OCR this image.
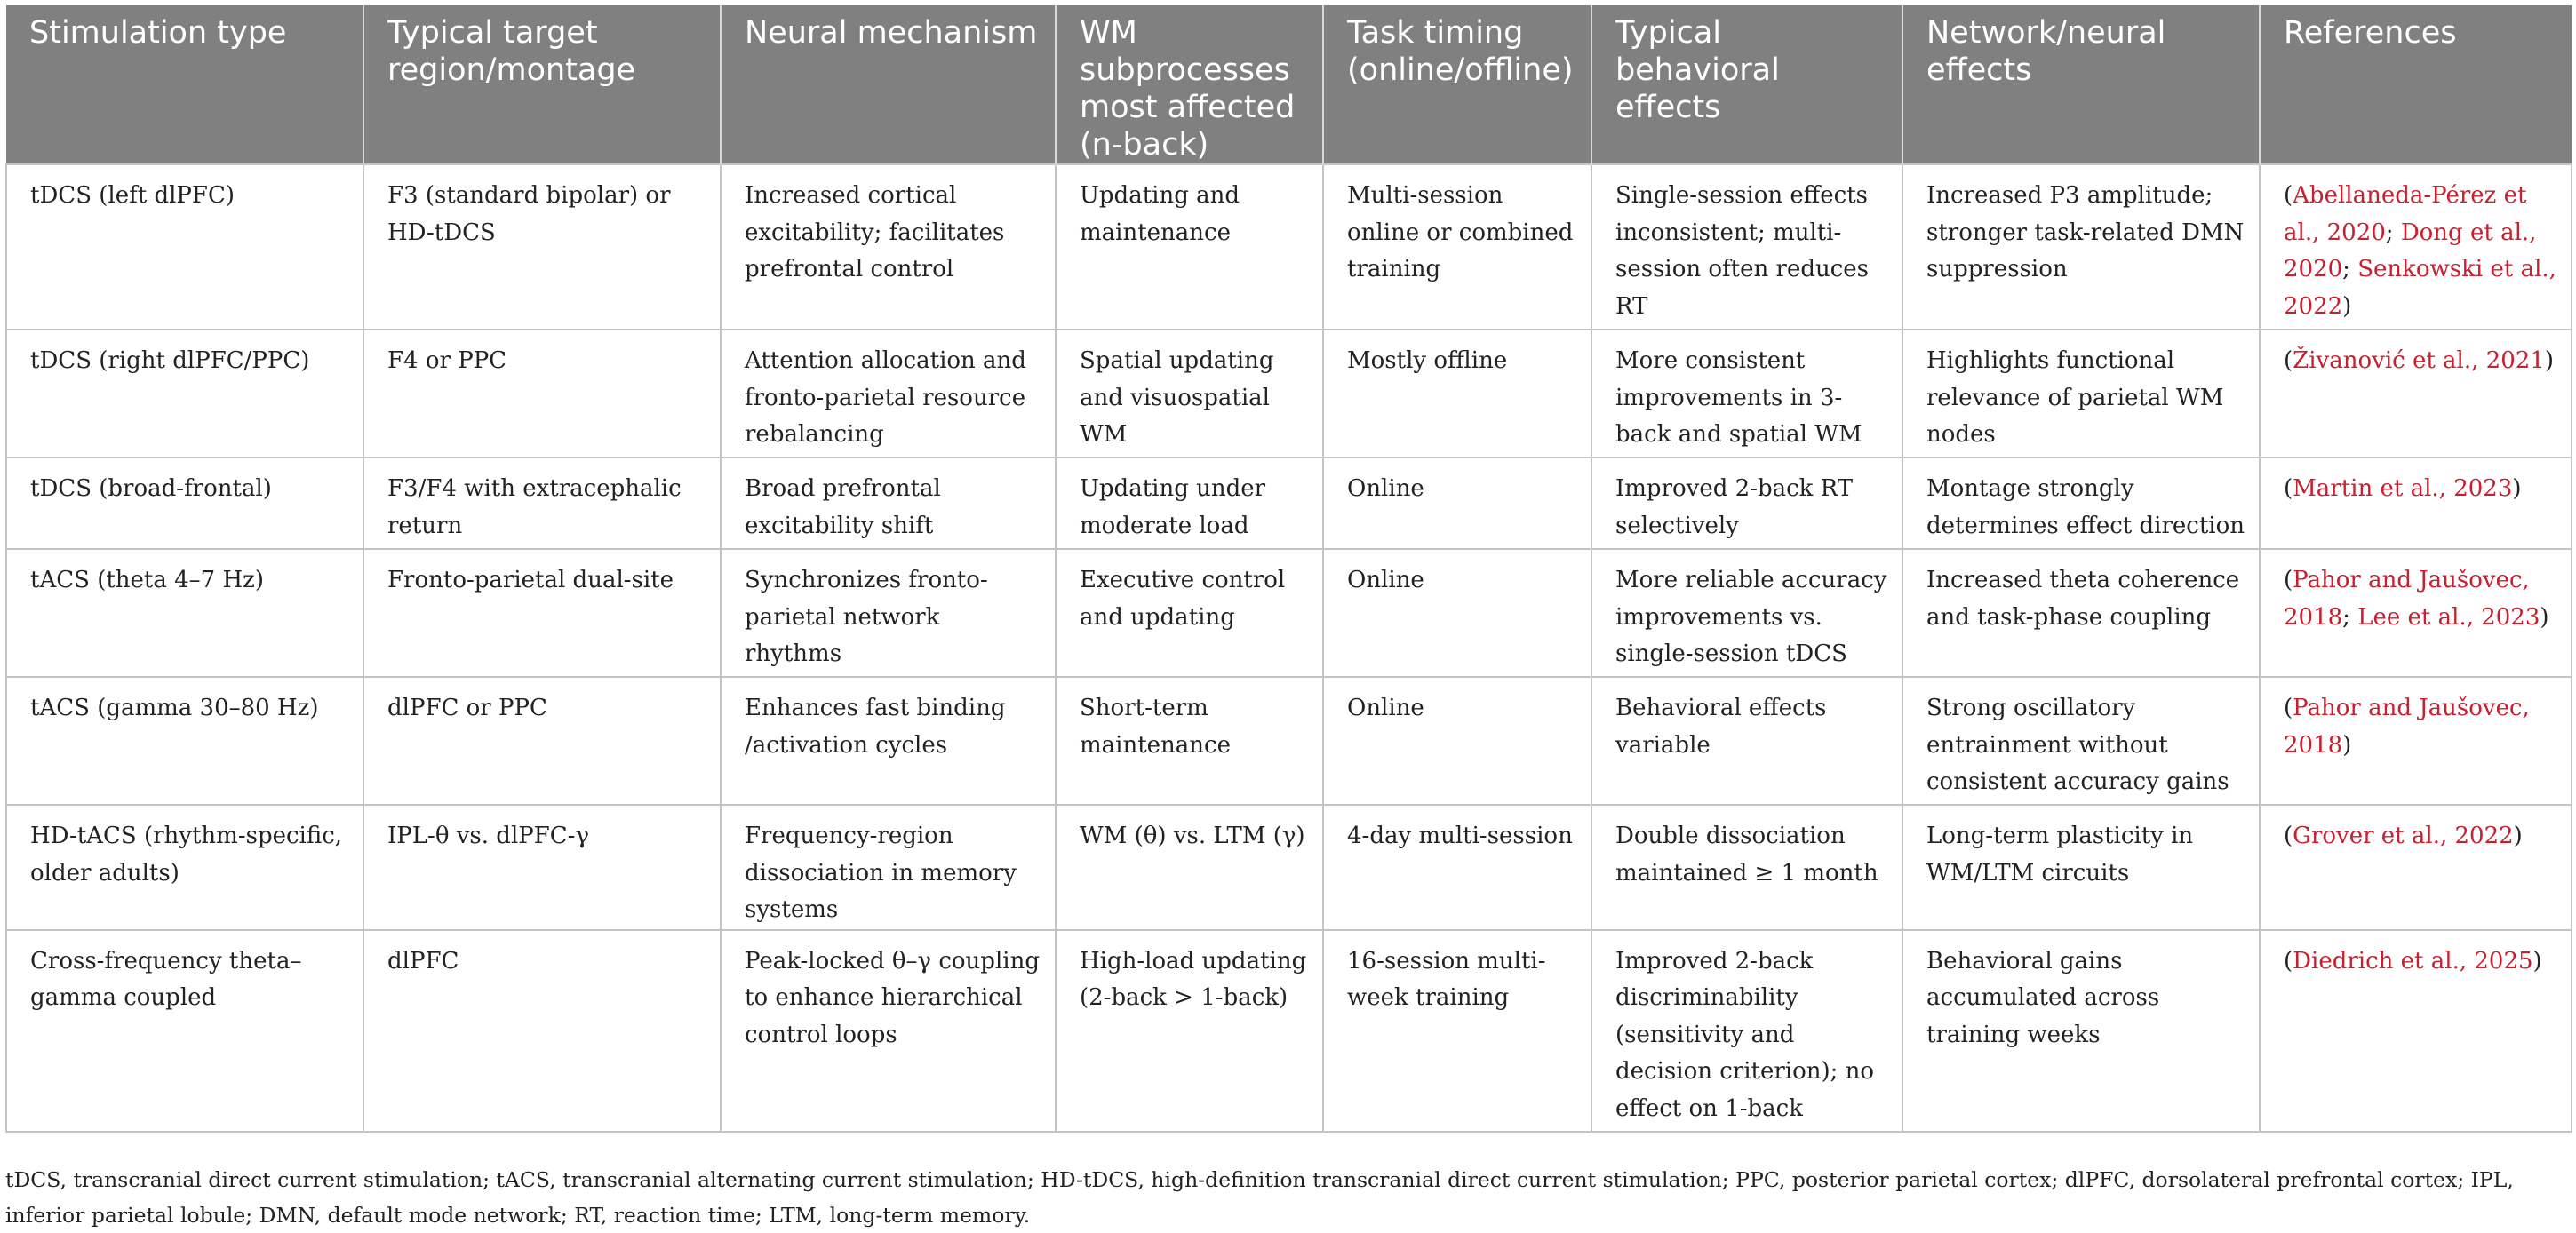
Stimulation type	Typical target region/montage	Neural mechanism	WM subprocesses most affected (n-back)	Task timing (online/offline)	Typical behavioral effects	Network/neural effects	References
tDCS (left dlPFC)	F3 (standard bipolar) or HD-tDCS	Increased cortical excitability; facilitates prefrontal control	Updating and maintenance	Multi-session online or combined training	Single-session effects inconsistent; multi-session often reduces RT	Increased P3 amplitude; stronger task-related DMN suppression	(Abellaneda-Pérez et al., 2020; Dong et al., 2020; Senkowski et al., 2022)
tDCS (right dlPFC/PPC)	F4 or PPC	Attention allocation and fronto-parietal resource rebalancing	Spatial updating and visuospatial WM	Mostly offline	More consistent improvements in 3-back and spatial WM	Highlights functional relevance of parietal WM nodes	(Živanović et al., 2021)
tDCS (broad-frontal)	F3/F4 with extracephalic return	Broad prefrontal excitability shift	Updating under moderate load	Online	Improved 2-back RT selectively	Montage strongly determines effect direction	(Martin et al., 2023)
tACS (theta 4–7 Hz)	Fronto-parietal dual-site	Synchronizes fronto-parietal network rhythms	Executive control and updating	Online	More reliable accuracy improvements vs. single-session tDCS	Increased theta coherence and task-phase coupling	(Pahor and Jaušovec, 2018; Lee et al., 2023)
tACS (gamma 30–80 Hz)	dlPFC or PPC	Enhances fast binding /activation cycles	Short-term maintenance	Online	Behavioral effects variable	Strong oscillatory entrainment without consistent accuracy gains	(Pahor and Jaušovec, 2018)
HD-tACS (rhythm-specific, older adults)	IPL-θ vs. dlPFC-γ	Frequency-region dissociation in memory systems	WM (θ) vs. LTM (γ)	4-day multi-session	Double dissociation maintained ≥ 1 month	Long-term plasticity in WM/LTM circuits	(Grover et al., 2022)
Cross-frequency theta–gamma coupled	dlPFC	Peak-locked θ–γ coupling to enhance hierarchical control loops	High-load updating (2-back > 1-back)	16-session multi-week training	Improved 2-back discriminability (sensitivity and decision criterion); no effect on 1-back	Behavioral gains accumulated across training weeks	(Diedrich et al., 2025)
tDCS, transcranial direct current stimulation; tACS, transcranial alternating current stimulation; HD-tDCS, high-definition transcranial direct current stimulation; PPC, posterior parietal cortex; dlPFC, dorsolateral prefrontal cortex; IPL, inferior parietal lobule; DMN, default mode network; RT, reaction time; LTM, long-term memory.
